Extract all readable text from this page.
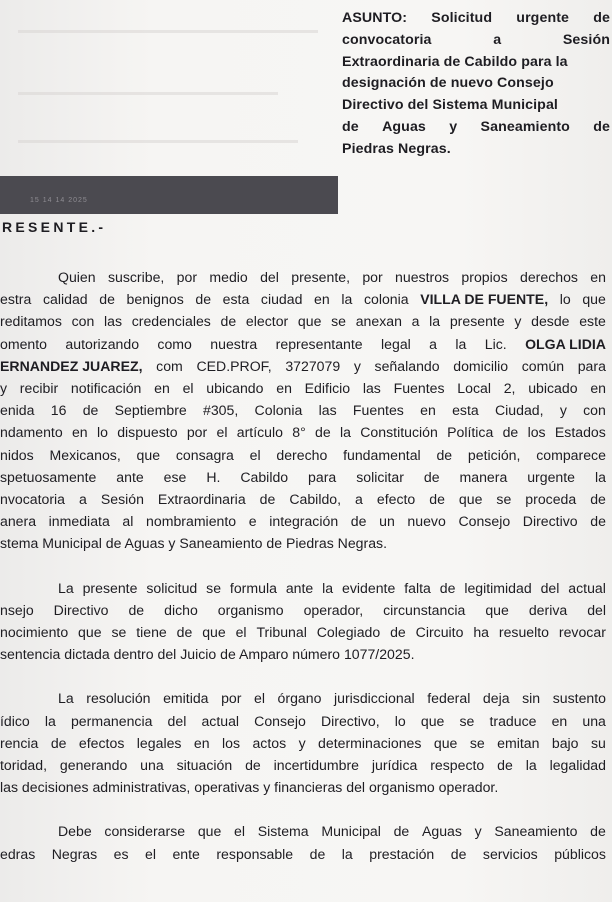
ASUNTO: Solicitud urgente de
convocatoria	a	Sesión
Extraordinaria de Cabildo para la
designación de nuevo Consejo
Directivo del Sistema Municipal
de Aguas y Saneamiento de
Piedras Negras.
15 14 14 2025

RESENTE.-

Quien suscribe, por medio del presente, por nuestros propios derechos en
estra calidad de benignos de esta ciudad en la colonia VILLA DE FUENTE, lo que
reditamos con las credenciales de elector que se anexan a la presente y desde este
omento autorizando como nuestra representante legal a la Lic. OLGA LIDIA
ERNANDEZ JUAREZ, com CED.PROF, 3727079 y señalando domicilio común para
y recibir notificación en el ubicando en Edificio las Fuentes Local 2, ubicado en
enida 16 de Septiembre #305, Colonia las Fuentes en esta Ciudad, y con
ndamento en lo dispuesto por el artículo 8° de la Constitución Política de los Estados
nidos Mexicanos, que consagra el derecho fundamental de petición, comparece
spetuosamente ante ese H. Cabildo para solicitar de manera urgente la
nvocatoria a Sesión Extraordinaria de Cabildo, a efecto de que se proceda de
anera inmediata al nombramiento e integración de un nuevo Consejo Directivo de
stema Municipal de Aguas y Saneamiento de Piedras Negras.
La presente solicitud se formula ante la evidente falta de legitimidad del actual
nsejo Directivo de dicho organismo operador, circunstancia que deriva del
nocimiento que se tiene de que el Tribunal Colegiado de Circuito ha resuelto revocar
sentencia dictada dentro del Juicio de Amparo número 1077/2025.
La resolución emitida por el órgano jurisdiccional federal deja sin sustento
ídico la permanencia del actual Consejo Directivo, lo que se traduce en una
rencia de efectos legales en los actos y determinaciones que se emitan bajo su
toridad, generando una situación de incertidumbre jurídica respecto de la legalidad
las decisiones administrativas, operativas y financieras del organismo operador.
Debe considerarse que el Sistema Municipal de Aguas y Saneamiento de
edras Negras es el ente responsable de la prestación de servicios públicos
